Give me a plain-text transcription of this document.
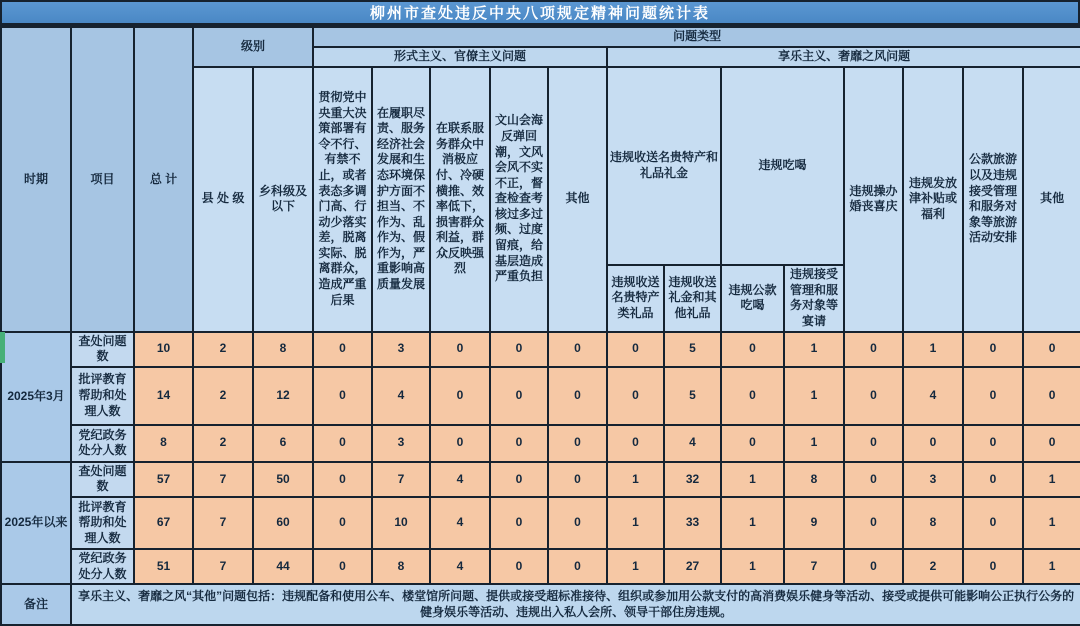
柳州市查处违反中央八项规定精神问题统计表
时期	项目	总 计	级别		问题类型												
					形式主义、官僚主义问题					享乐主义、奢靡之风问题							
			县 处 级	乡科级及以下	贯彻党中央重大决策部署有令不行、有禁不止，或者表态多调门高、行动少落实差，脱离实际、脱离群众，造成严重后果	在履职尽责、服务经济社会发展和生态环境保护方面不担当、不作为、乱作为、假作为，严重影响高质量发展	在联系服务群众中消极应付、冷硬横推、效率低下，损害群众利益，群众反映强烈	文山会海反弹回潮，文风会风不实不正，督查检查考核过多过频、过度留痕，给基层造成严重负担	其他	违规收送名贵特产和礼品礼金		违规吃喝		违规操办婚丧喜庆	违规发放津补贴或福利	公款旅游以及违规接受管理和服务对象等旅游活动安排	其他
										违规收送名贵特产类礼品	违规收送礼金和其他礼品	违规公款吃喝	违规接受管理和服务对象等宴请				
2025年3月	查处问题数	10	2	8	0	3	0	0	0	0	5	0	1	0	1	0	0
	批评教育帮助和处理人数	14	2	12	0	4	0	0	0	0	5	0	1	0	4	0	0
	党纪政务处分人数	8	2	6	0	3	0	0	0	0	4	0	1	0	0	0	0
2025年以来	查处问题数	57	7	50	0	7	4	0	0	1	32	1	8	0	3	0	1
	批评教育帮助和处理人数	67	7	60	0	10	4	0	0	1	33	1	9	0	8	0	1
	党纪政务处分人数	51	7	44	0	8	4	0	0	1	27	1	7	0	2	0	1
备注	享乐主义、奢靡之风“其他”问题包括：违规配备和使用公车、楼堂馆所问题、提供或接受超标准接待、组织或参加用公款支付的高消费娱乐健身等活动、接受或提供可能影响公正执行公务的健身娱乐等活动、违规出入私人会所、领导干部住房违规。																
